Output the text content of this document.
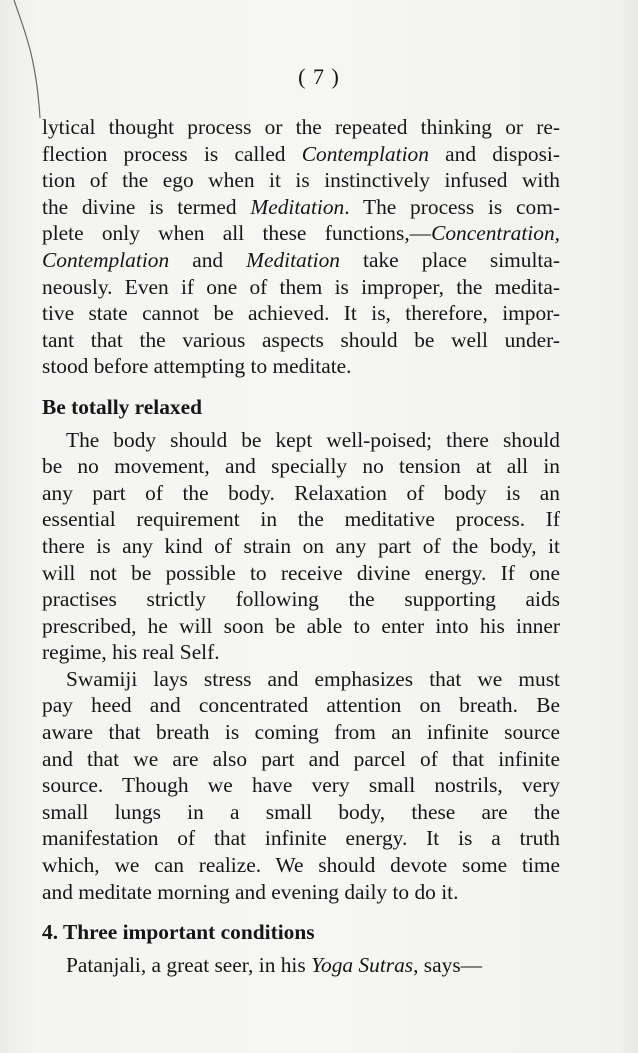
( 7 )
lytical thought process or the repeated thinking or re-
flection process is called Contemplation and disposi-
tion of the ego when it is instinctively infused with
the divine is termed Meditation. The process is com-
plete only when all these functions,—Concentration,
Contemplation and Meditation take place simulta-
neously. Even if one of them is improper, the medita-
tive state cannot be achieved. It is, therefore, impor-
tant that the various aspects should be well under-
stood before attempting to meditate.
Be totally relaxed
The body should be kept well-poised; there should
be no movement, and specially no tension at all in
any part of the body. Relaxation of body is an
essential requirement in the meditative process. If
there is any kind of strain on any part of the body, it
will not be possible to receive divine energy. If one
practises strictly following the supporting aids
prescribed, he will soon be able to enter into his inner
regime, his real Self.
Swamiji lays stress and emphasizes that we must
pay heed and concentrated attention on breath. Be
aware that breath is coming from an infinite source
and that we are also part and parcel of that infinite
source. Though we have very small nostrils, very
small lungs in a small body, these are the
manifestation of that infinite energy. It is a truth
which, we can realize. We should devote some time
and meditate morning and evening daily to do it.
4. Three important conditions
Patanjali, a great seer, in his Yoga Sutras, says—
